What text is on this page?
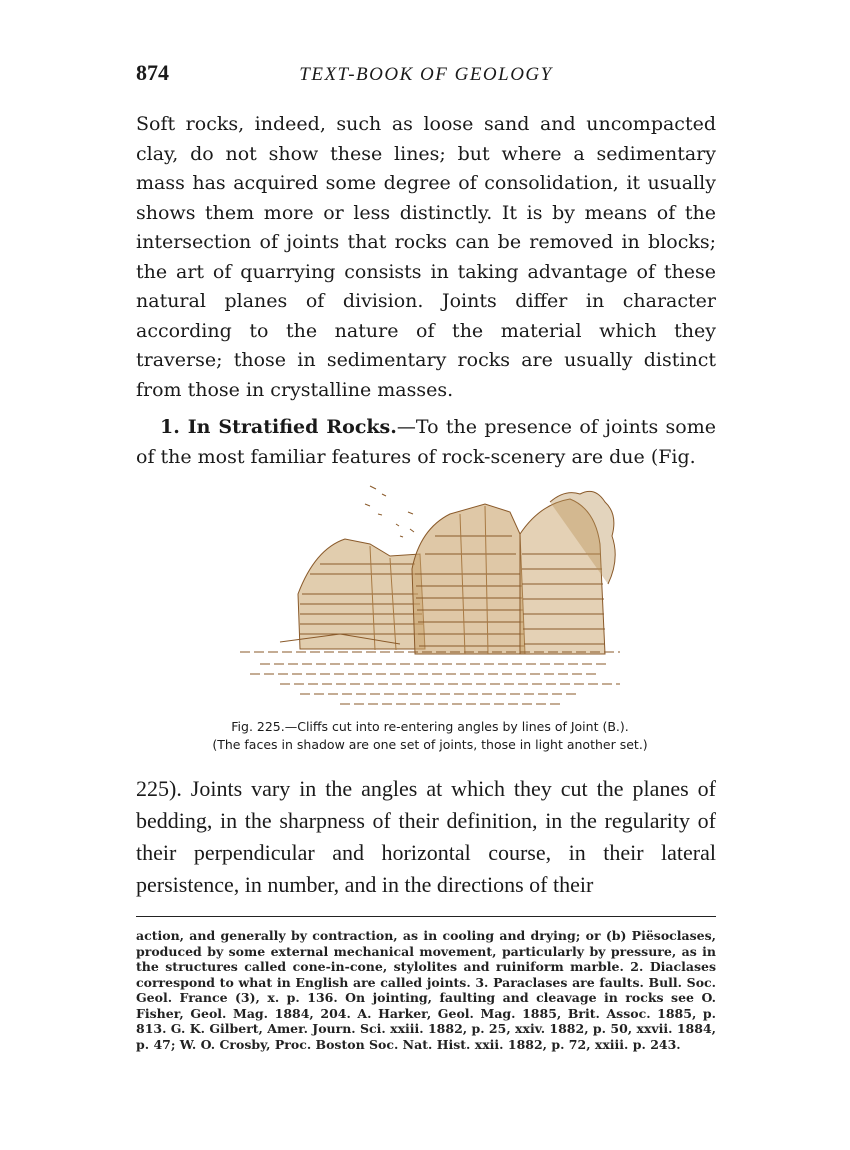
874	TEXT-BOOK OF GEOLOGY

Soft rocks, indeed, such as loose sand and uncompacted clay, do not show these lines; but where a sedimentary mass has acquired some degree of consolidation, it usually shows them more or less distinctly. It is by means of the intersection of joints that rocks can be removed in blocks; the art of quarrying consists in taking advantage of these natural planes of division. Joints differ in character according to the nature of the material which they traverse; those in sedimentary rocks are usually distinct from those in crystalline masses.

1. In Stratified Rocks.—To the presence of joints some of the most familiar features of rock-scenery are due (Fig.

Fig. 225.—Cliffs cut into re-entering angles by lines of Joint (B.).
(The faces in shadow are one set of joints, those in light another set.)

225). Joints vary in the angles at which they cut the planes of bedding, in the sharpness of their definition, in the regularity of their perpendicular and horizontal course, in their lateral persistence, in number, and in the directions of their

action, and generally by contraction, as in cooling and drying; or (b) Piësoclases, produced by some external mechanical movement, particularly by pressure, as in the structures called cone-in-cone, stylolites and ruiniform marble. 2. Diaclases correspond to what in English are called joints. 3. Paraclases are faults. Bull. Soc. Geol. France (3), x. p. 136. On jointing, faulting and cleavage in rocks see O. Fisher, Geol. Mag. 1884, 204. A. Harker, Geol. Mag. 1885, Brit. Assoc. 1885, p. 813. G. K. Gilbert, Amer. Journ. Sci. xxiii. 1882, p. 25, xxiv. 1882, p. 50, xxvii. 1884, p. 47; W. O. Crosby, Proc. Boston Soc. Nat. Hist. xxii. 1882, p. 72, xxiii. p. 243.
